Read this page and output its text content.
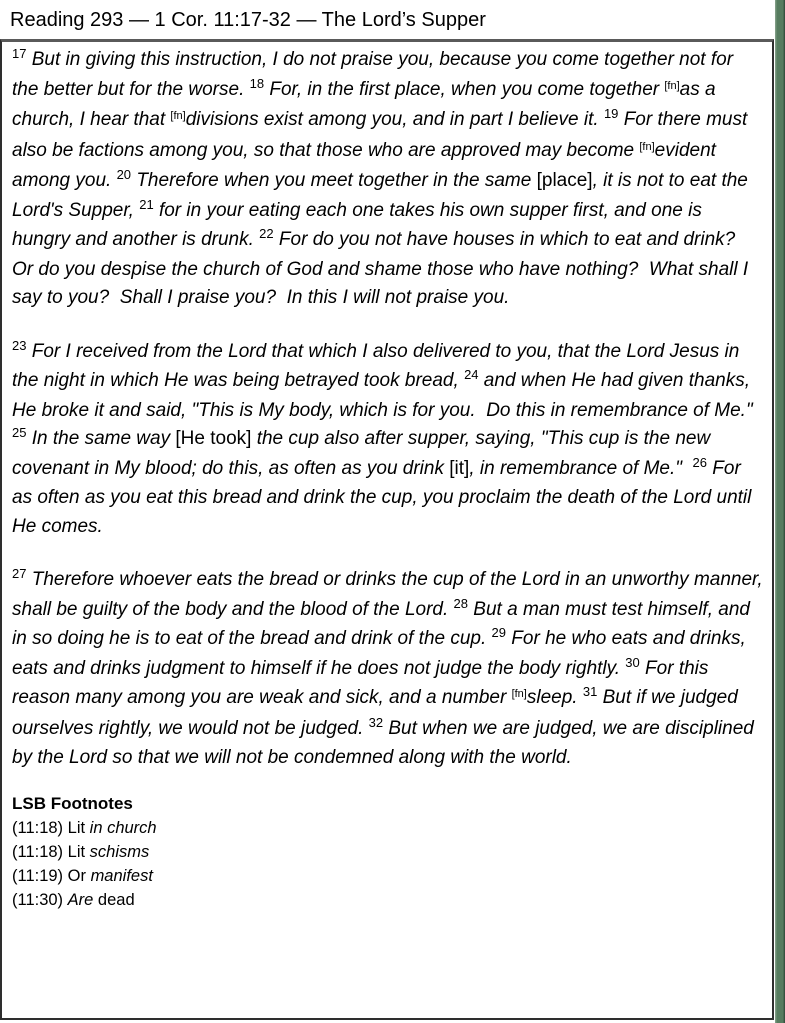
Reading 293 — 1 Cor. 11:17-32 — The Lord’s Supper

$^{17}$ But in giving this instruction, I do not praise you, because you come together not for the better but for the worse. $^{18}$ For, in the first place, when you come together [fn]as a church, I hear that [fn]divisions exist among you, and in part I believe it. $^{19}$ For there must also be factions among you, so that those who are approved may become [fn]evident among you. $^{20}$ Therefore when you meet together in the same [place], it is not to eat the Lord's Supper, $^{21}$ for in your eating each one takes his own supper first, and one is hungry and another is drunk. $^{22}$ For do you not have houses in which to eat and drink?  Or do you despise the church of God and shame those who have nothing?  What shall I say to you?  Shall I praise you?  In this I will not praise you.

$^{23}$ For I received from the Lord that which I also delivered to you, that the Lord Jesus in the night in which He was being betrayed took bread, $^{24}$ and when He had given thanks, He broke it and said, "This is My body, which is for you.  Do this in remembrance of Me."  $^{25}$ In the same way [He took] the cup also after supper, saying, "This cup is the new covenant in My blood; do this, as often as you drink [it], in remembrance of Me."  $^{26}$ For as often as you eat this bread and drink the cup, you proclaim the death of the Lord until He comes.

$^{27}$ Therefore whoever eats the bread or drinks the cup of the Lord in an unworthy manner, shall be guilty of the body and the blood of the Lord. $^{28}$ But a man must test himself, and in so doing he is to eat of the bread and drink of the cup. $^{29}$ For he who eats and drinks, eats and drinks judgment to himself if he does not judge the body rightly. $^{30}$ For this reason many among you are weak and sick, and a number [fn]sleep. $^{31}$ But if we judged ourselves rightly, we would not be judged. $^{32}$ But when we are judged, we are disciplined by the Lord so that we will not be condemned along with the world.

LSB Footnotes
(11:18) Lit in church
(11:18) Lit schisms
(11:19) Or manifest
(11:30) Are dead
